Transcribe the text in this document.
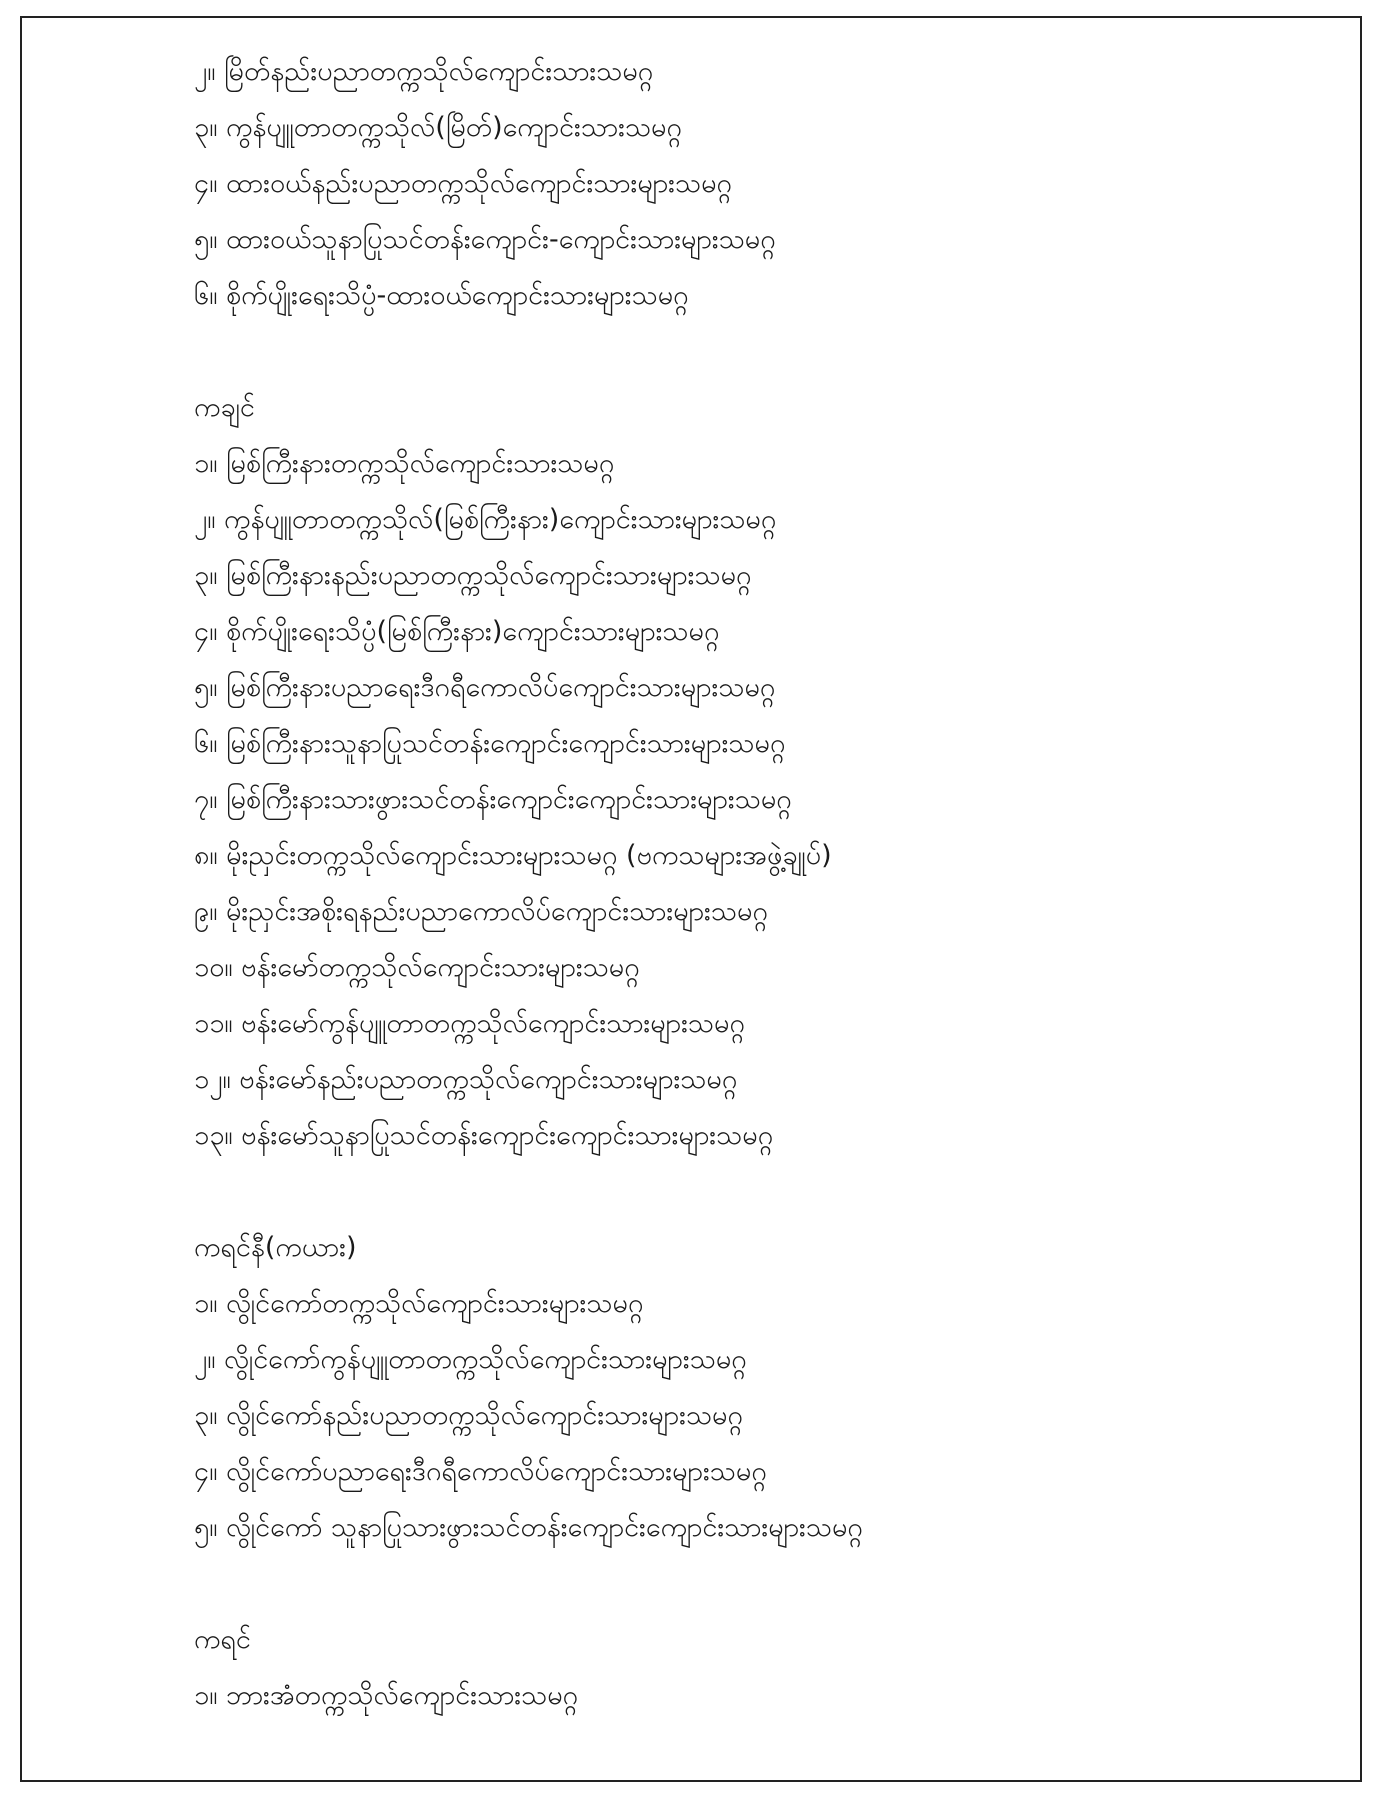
၂။ မြိတ်နည်းပညာတက္ကသိုလ်ကျောင်းသားသမဂ္ဂ
၃။ ကွန်ပျူတာတက္ကသိုလ်(မြိတ်)ကျောင်းသားသမဂ္ဂ
၄။ ထားဝယ်နည်းပညာတက္ကသိုလ်ကျောင်းသားများသမဂ္ဂ
၅။ ထားဝယ်သူနာပြုသင်တန်းကျောင်း-ကျောင်းသားများသမဂ္ဂ
၆။ စိုက်ပျိုးရေးသိပ္ပံ-ထားဝယ်ကျောင်းသားများသမဂ္ဂ
ကချင်
၁။ မြစ်ကြီးနားတက္ကသိုလ်ကျောင်းသားသမဂ္ဂ
၂။ ကွန်ပျူတာတက္ကသိုလ်(မြစ်ကြီးနား)ကျောင်းသားများသမဂ္ဂ
၃။ မြစ်ကြီးနားနည်းပညာတက္ကသိုလ်ကျောင်းသားများသမဂ္ဂ
၄။ စိုက်ပျိုးရေးသိပ္ပံ(မြစ်ကြီးနား)ကျောင်းသားများသမဂ္ဂ
၅။ မြစ်ကြီးနားပညာရေးဒီဂရီကောလိပ်ကျောင်းသားများသမဂ္ဂ
၆။ မြစ်ကြီးနားသူနာပြုသင်တန်းကျောင်းကျောင်းသားများသမဂ္ဂ
၇။ မြစ်ကြီးနားသားဖွားသင်တန်းကျောင်းကျောင်းသားများသမဂ္ဂ
၈။ မိုးညှင်းတက္ကသိုလ်ကျောင်းသားများသမဂ္ဂ (ဗကသများအဖွဲ့ချုပ်)
၉။ မိုးညှင်းအစိုးရနည်းပညာကောလိပ်ကျောင်းသားများသမဂ္ဂ
၁၀။ ဗန်းမော်တက္ကသိုလ်ကျောင်းသားများသမဂ္ဂ
၁၁။ ဗန်းမော်ကွန်ပျူတာတက္ကသိုလ်ကျောင်းသားများသမဂ္ဂ
၁၂။ ဗန်းမော်နည်းပညာတက္ကသိုလ်ကျောင်းသားများသမဂ္ဂ
၁၃။ ဗန်းမော်သူနာပြုသင်တန်းကျောင်းကျောင်းသားများသမဂ္ဂ
ကရင်နီ(ကယား)
၁။ လွိုင်ကော်တက္ကသိုလ်ကျောင်းသားများသမဂ္ဂ
၂။ လွိုင်ကော်ကွန်ပျူတာတက္ကသိုလ်ကျောင်းသားများသမဂ္ဂ
၃။ လွိုင်ကော်နည်းပညာတက္ကသိုလ်ကျောင်းသားများသမဂ္ဂ
၄။ လွိုင်ကော်ပညာရေးဒီဂရီကောလိပ်ကျောင်းသားများသမဂ္ဂ
၅။ လွိုင်ကော် သူနာပြုသားဖွားသင်တန်းကျောင်းကျောင်းသားများသမဂ္ဂ
ကရင်
၁။ ဘားအံတက္ကသိုလ်ကျောင်းသားသမဂ္ဂ
